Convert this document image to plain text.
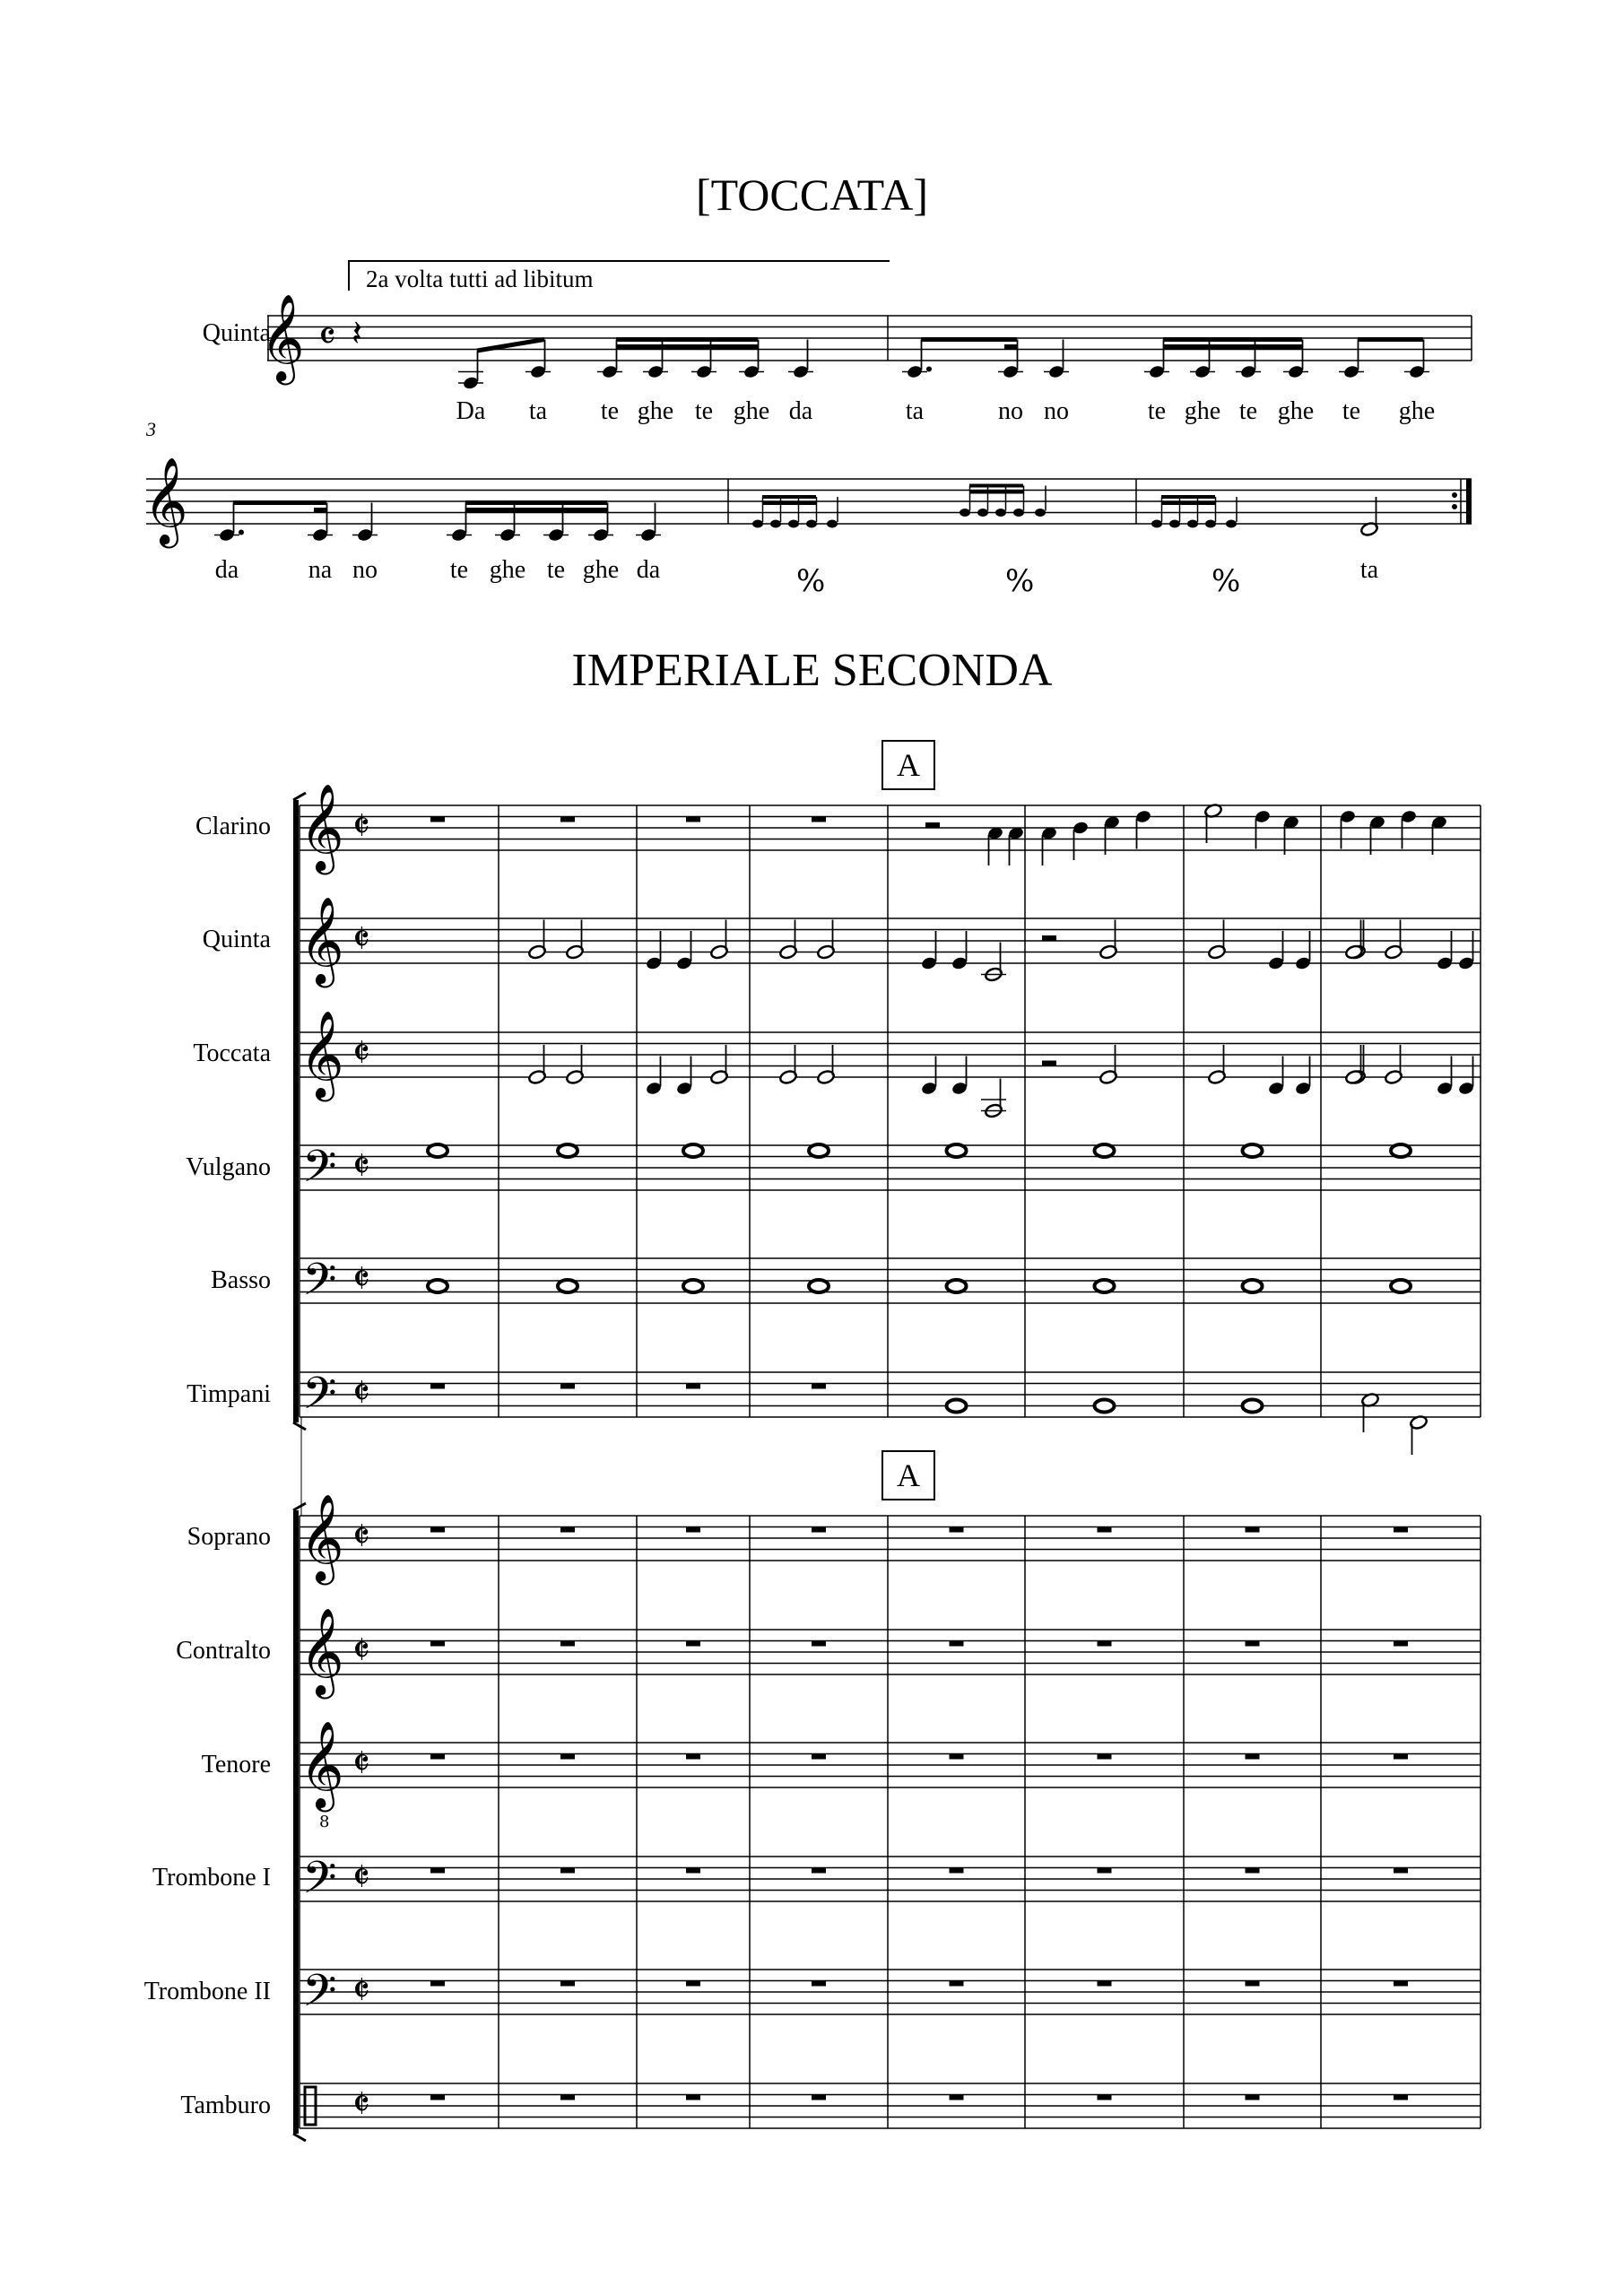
𝄞 𝄴 𝄽
𝄞
%	%	%
𝄞 𝄵
𝄞 𝄵
𝄞 𝄵
𝄢 𝄵
𝄢 𝄵
𝄢 𝄵
𝄞 𝄵
𝄞 𝄵
𝄞
8
𝄵
𝄢 𝄵
𝄢 𝄵
𝄵
[TOCCATA]
2a volta tutti ad libitum
Quinta
3
Da ta te ghe te ghe da	ta	no no	te ghe te ghe te ghe
da	na no	te ghe te ghe da	ta
IMPERIALE SECONDA
A
A
Clarino
Quinta
Toccata
Vulgano
Basso
Timpani
Soprano
Contralto
Tenore
Trombone I
Trombone II
Tamburo
